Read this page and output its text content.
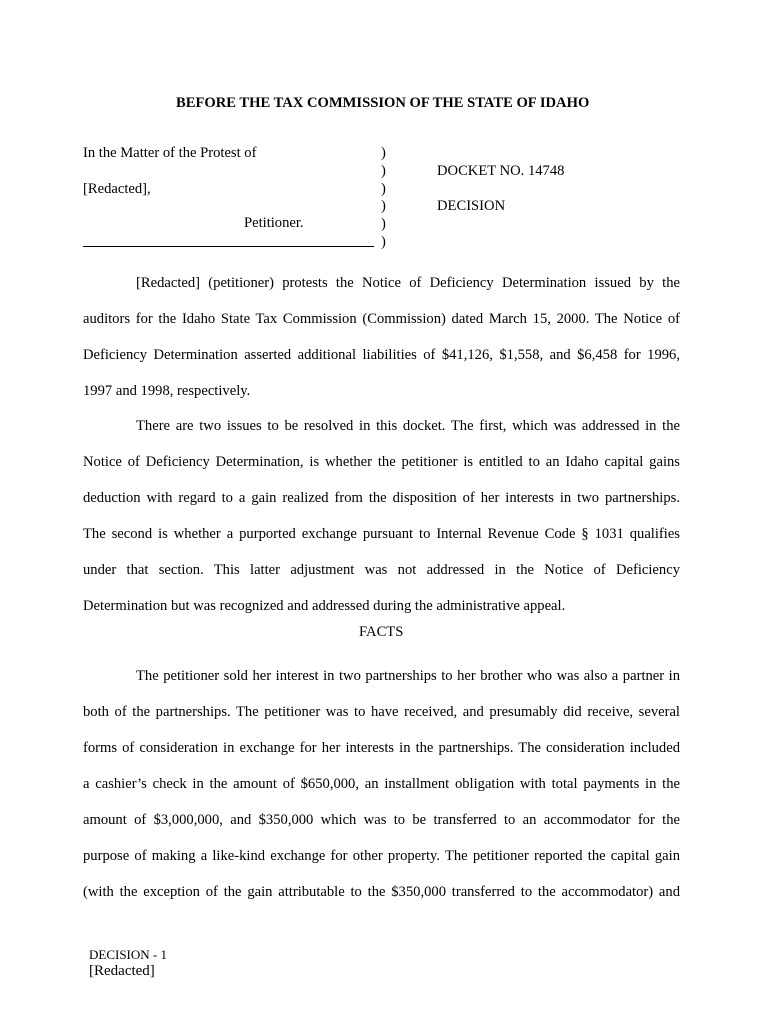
BEFORE THE TAX COMMISSION OF THE STATE OF IDAHO
In the Matter of the Protest of
[Redacted],
Petitioner.
)
)
)
)
)
)
DOCKET NO. 14748
DECISION
[Redacted] (petitioner) protests the Notice of Deficiency Determination issued by the
auditors for the Idaho State Tax Commission (Commission) dated March 15, 2000. The Notice of
Deficiency Determination asserted additional liabilities of $41,126, $1,558, and $6,458 for 1996,
1997 and 1998, respectively.
There are two issues to be resolved in this docket. The first, which was addressed in the
Notice of Deficiency Determination, is whether the petitioner is entitled to an Idaho capital gains
deduction with regard to a gain realized from the disposition of her interests in two partnerships.
The second is whether a purported exchange pursuant to Internal Revenue Code § 1031 qualifies
under that section. This latter adjustment was not addressed in the Notice of Deficiency
Determination but was recognized and addressed during the administrative appeal.
FACTS
The petitioner sold her interest in two partnerships to her brother who was also a partner in
both of the partnerships. The petitioner was to have received, and presumably did receive, several
forms of consideration in exchange for her interests in the partnerships. The consideration included
a cashier’s check in the amount of $650,000, an installment obligation with total payments in the
amount of $3,000,000, and $350,000 which was to be transferred to an accommodator for the
purpose of making a like-kind exchange for other property. The petitioner reported the capital gain
(with the exception of the gain attributable to the $350,000 transferred to the accommodator) and
DECISION - 1
[Redacted]
